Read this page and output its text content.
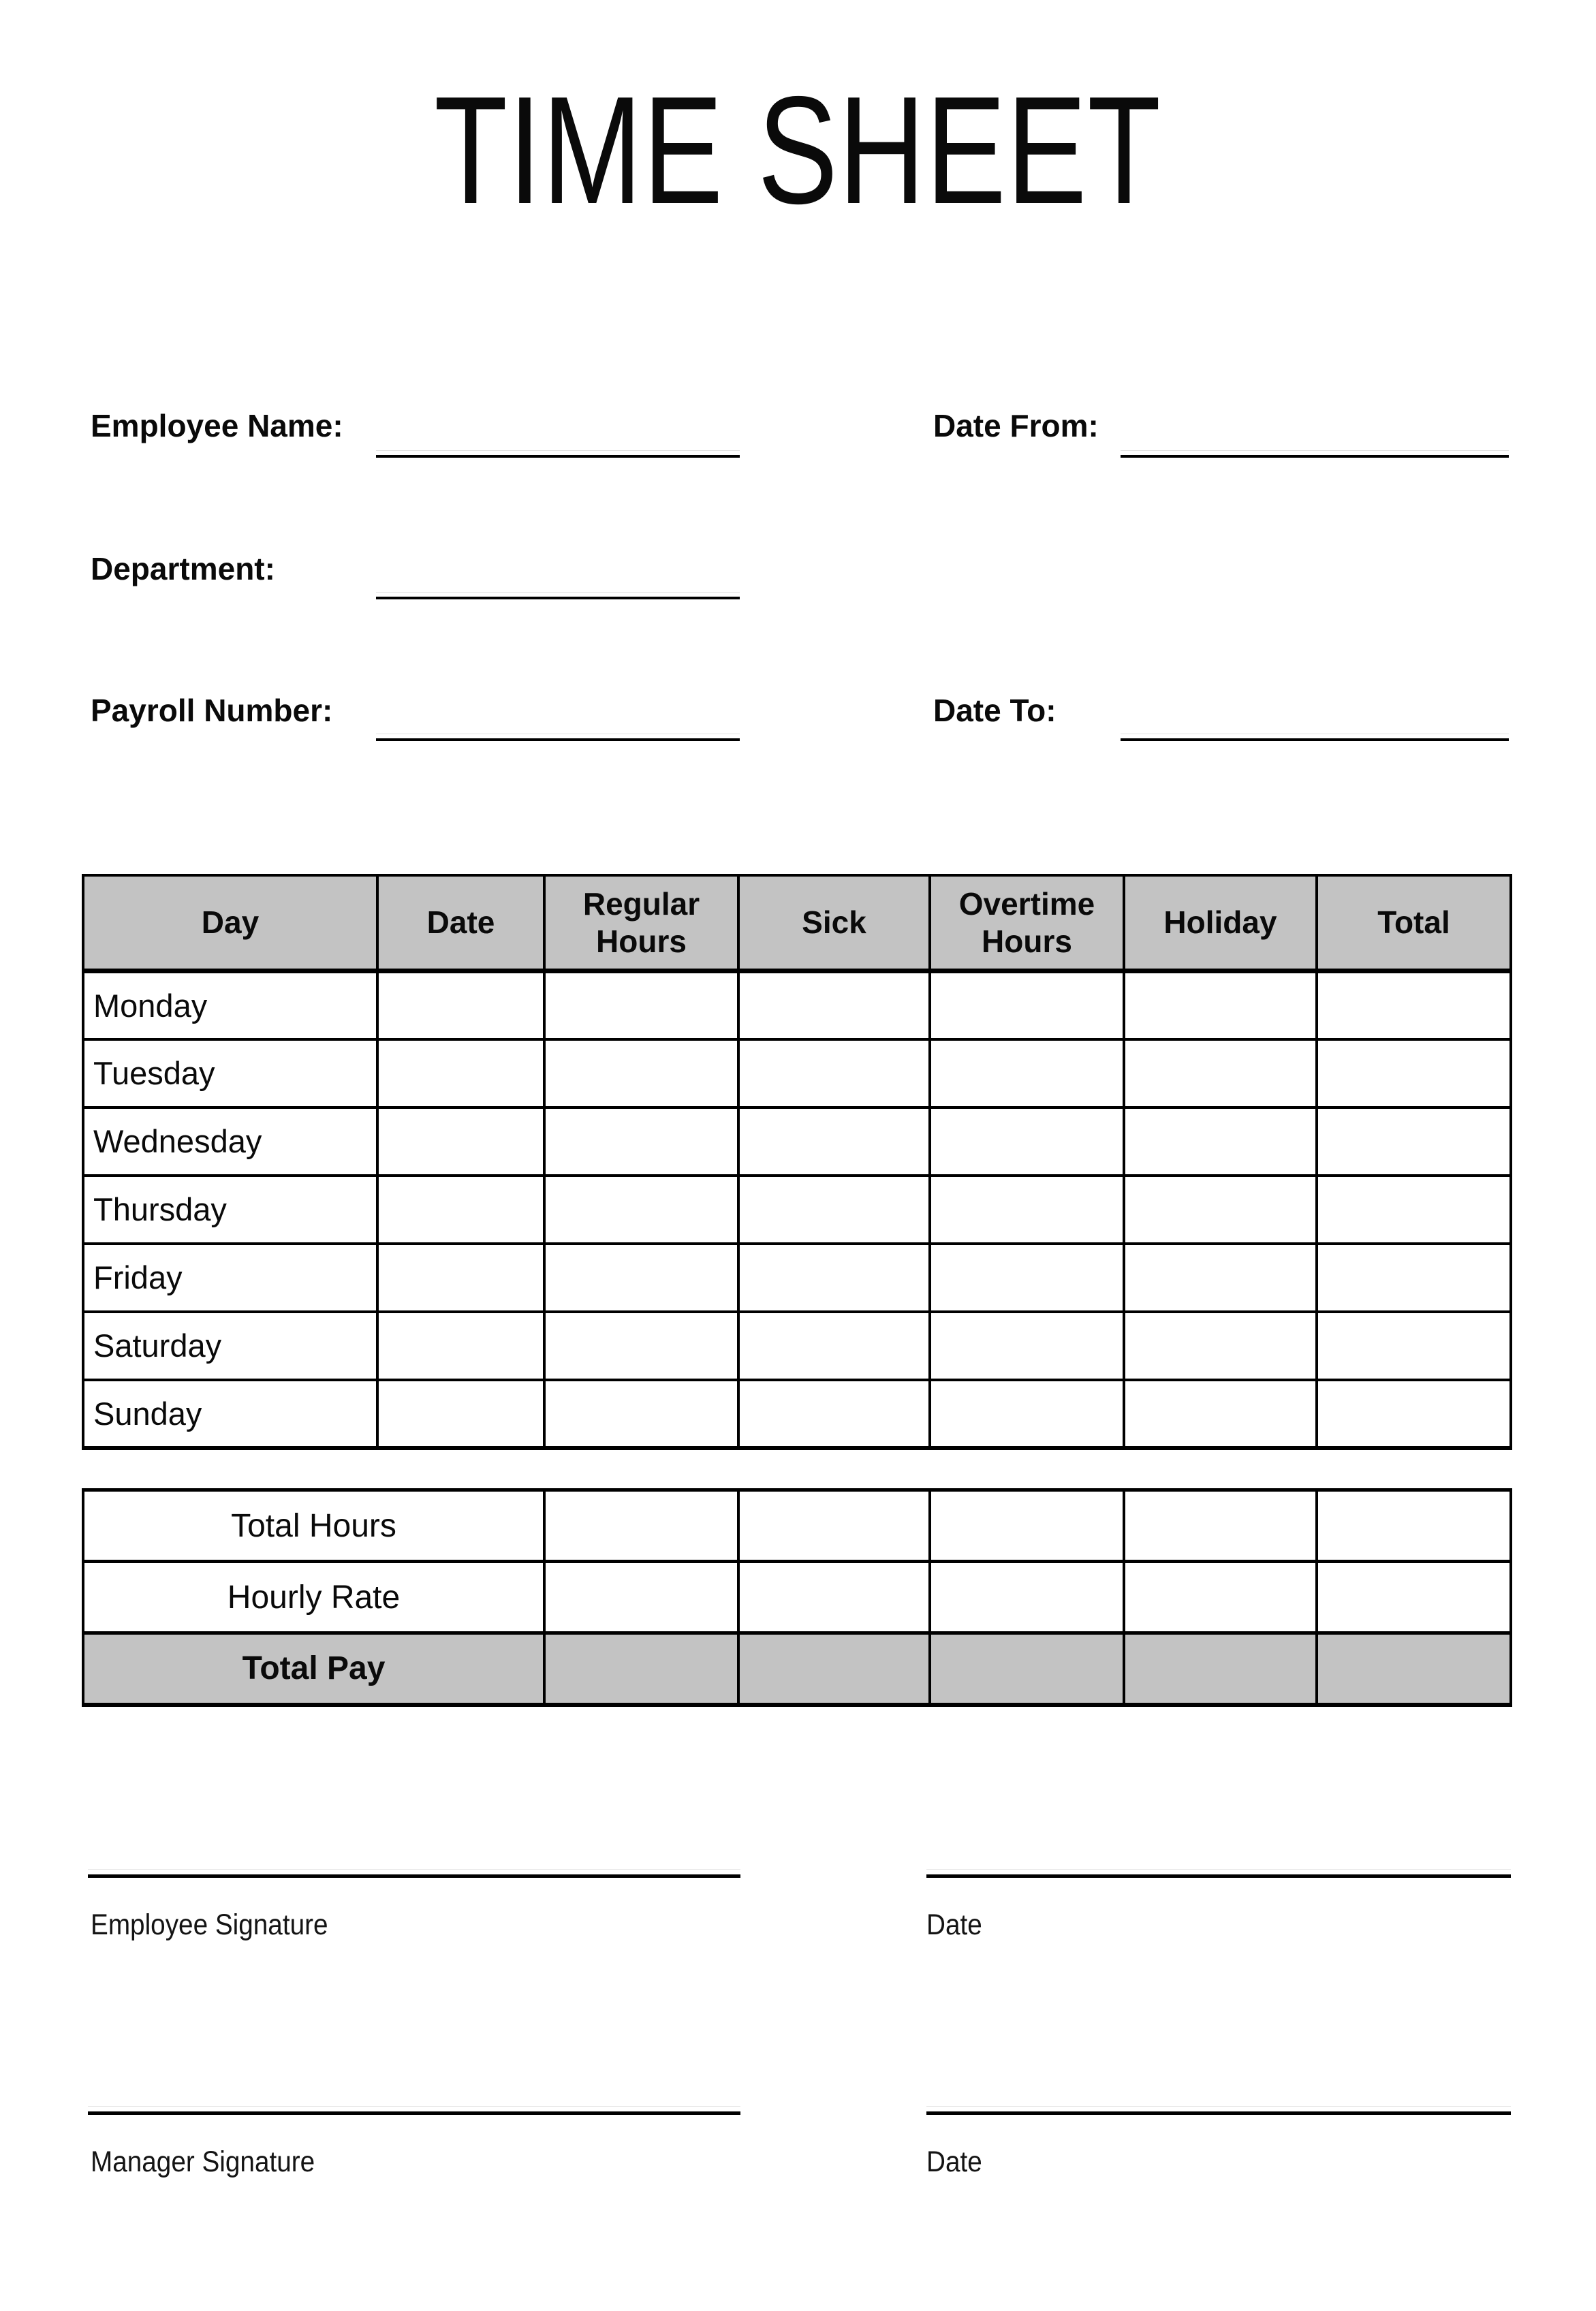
TIME SHEET
Employee Name:	Date From:
Department:
Payroll Number:	Date To:
Day	Date	Regular Hours	Sick	Overtime Hours	Holiday	Total
Monday						
Tuesday						
Wednesday						
Thursday						
Friday						
Saturday						
Sunday						
Total Hours					
Hourly Rate					
Total Pay					
Employee Signature	Date
Manager Signature	Date
